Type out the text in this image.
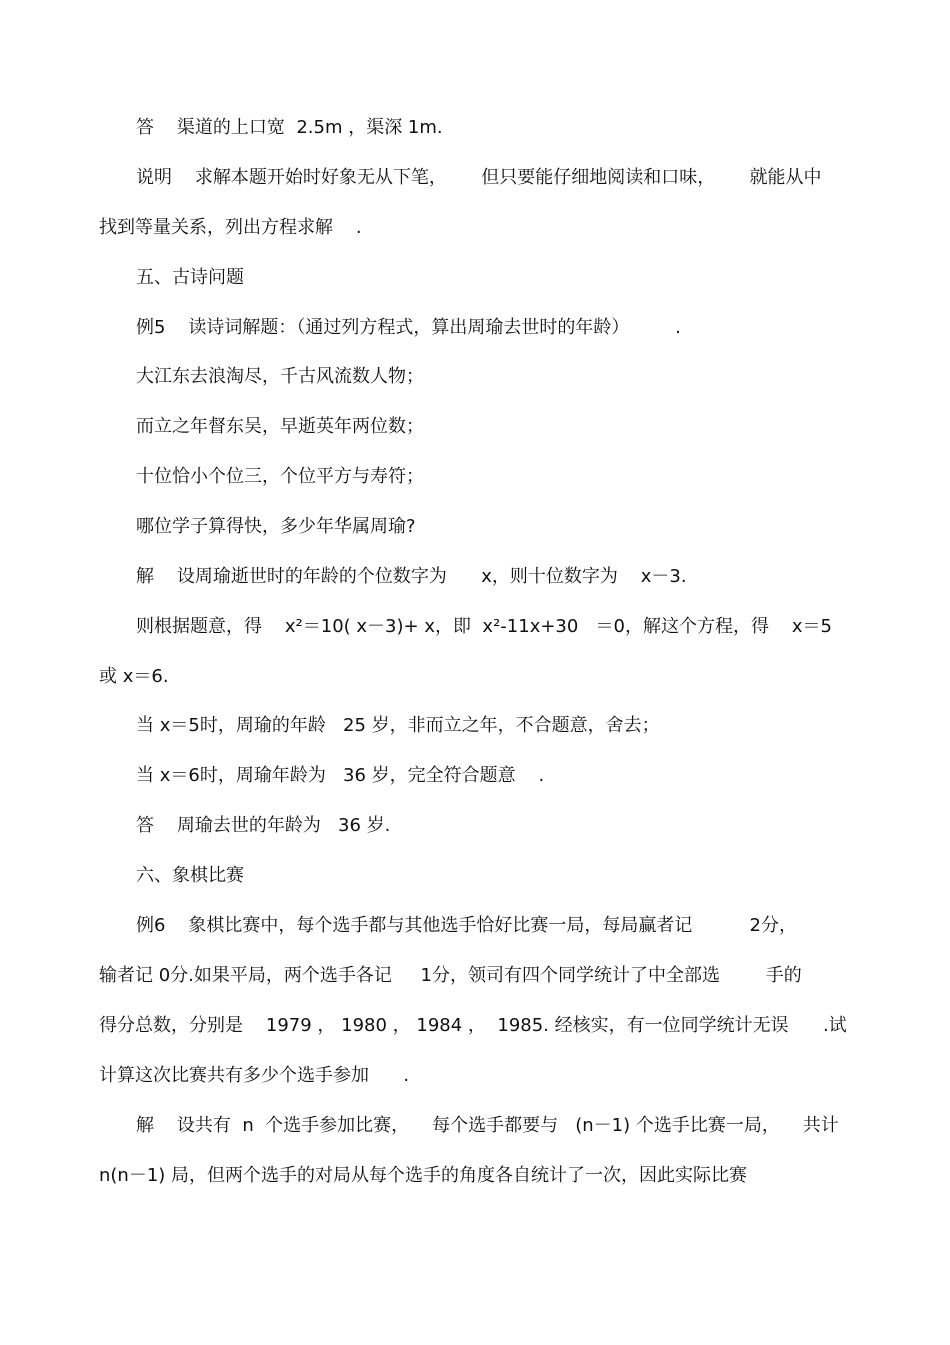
答    渠道的上口宽  2.5m ，渠深 1m.
说明    求解本题开始时好象无从下笔，      但只要能仔细地阅读和口味，      就能从中
找到等量关系，列出方程求解    .
五、古诗问题
例5    读诗词解题：（通过列方程式，算出周瑜去世时的年龄）        .
大江东去浪淘尽，千古风流数人物；
而立之年督东吴，早逝英年两位数；
十位恰小个位三，个位平方与寿符；
哪位学子算得快，多少年华属周瑜?
解    设周瑜逝世时的年龄的个位数字为      x，则十位数字为    x－3.
则根据题意，得    x²＝10( x－3)+ x，即  x²-11x+30   ＝0，解这个方程，得    x＝5
或 x＝6.
当 x＝5时，周瑜的年龄   25 岁，非而立之年，不合题意，舍去；
当 x＝6时，周瑜年龄为   36 岁，完全符合题意    .
答    周瑜去世的年龄为   36 岁.
六、象棋比赛
例6    象棋比赛中，每个选手都与其他选手恰好比赛一局，每局赢者记          2分，
输者记 0分.如果平局，两个选手各记     1分，领司有四个同学统计了中全部选        手的
得分总数，分别是    1979 ， 1980 ， 1984 ，  1985. 经核实，有一位同学统计无误      .试
计算这次比赛共有多少个选手参加      .
解    设共有  n  个选手参加比赛，    每个选手都要与   (n－1) 个选手比赛一局，    共计
n(n－1) 局，但两个选手的对局从每个选手的角度各自统计了一次，因此实际比赛
